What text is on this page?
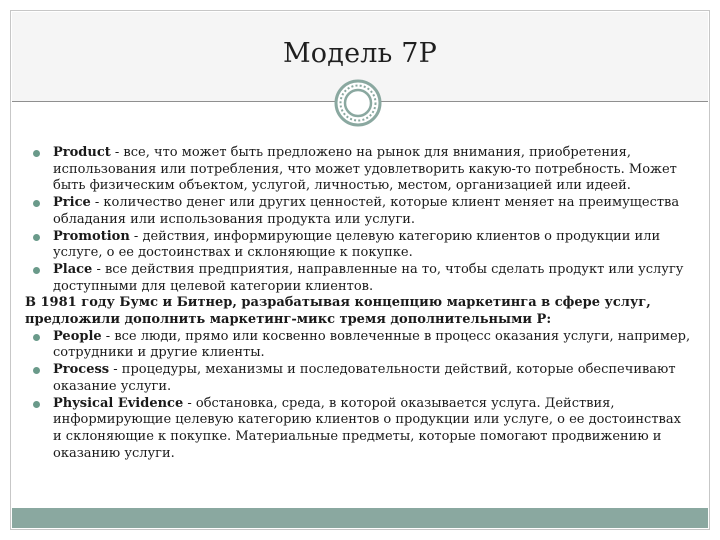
Модель 7Р
Product - все, что может быть предложено на рынок для внимания, приобретения, использования или потребления, что может удовлетворить какую-то потребность. Может быть физическим объектом, услугой, личностью, местом, организацией или идеей.
Price - количество денег или других ценностей, которые клиент меняет на преимущества обладания или использования продукта или услуги.
Promotion - действия, информирующие целевую категорию клиентов о продукции или услуге, о ее достоинствах и склоняющие к покупке.
Place - все действия предприятия, направленные на то, чтобы сделать продукт или услугу доступными для целевой категории клиентов.
В 1981 году Бумс и Битнер, разрабатывая концепцию маркетинга в сфере услуг, предложили дополнить маркетинг-микс тремя дополнительными Р:
People - все люди, прямо или косвенно вовлеченные в процесс оказания услуги, например, сотрудники и другие клиенты.
Process - процедуры, механизмы и последовательности действий, которые обеспечивают оказание услуги.
Physical Evidence - обстановка, среда, в которой оказывается услуга. Действия, информирующие целевую категорию клиентов о продукции или услуге, о ее достоинствах и склоняющие к покупке. Материальные предметы, которые помогают продвижению и оказанию услуги.
